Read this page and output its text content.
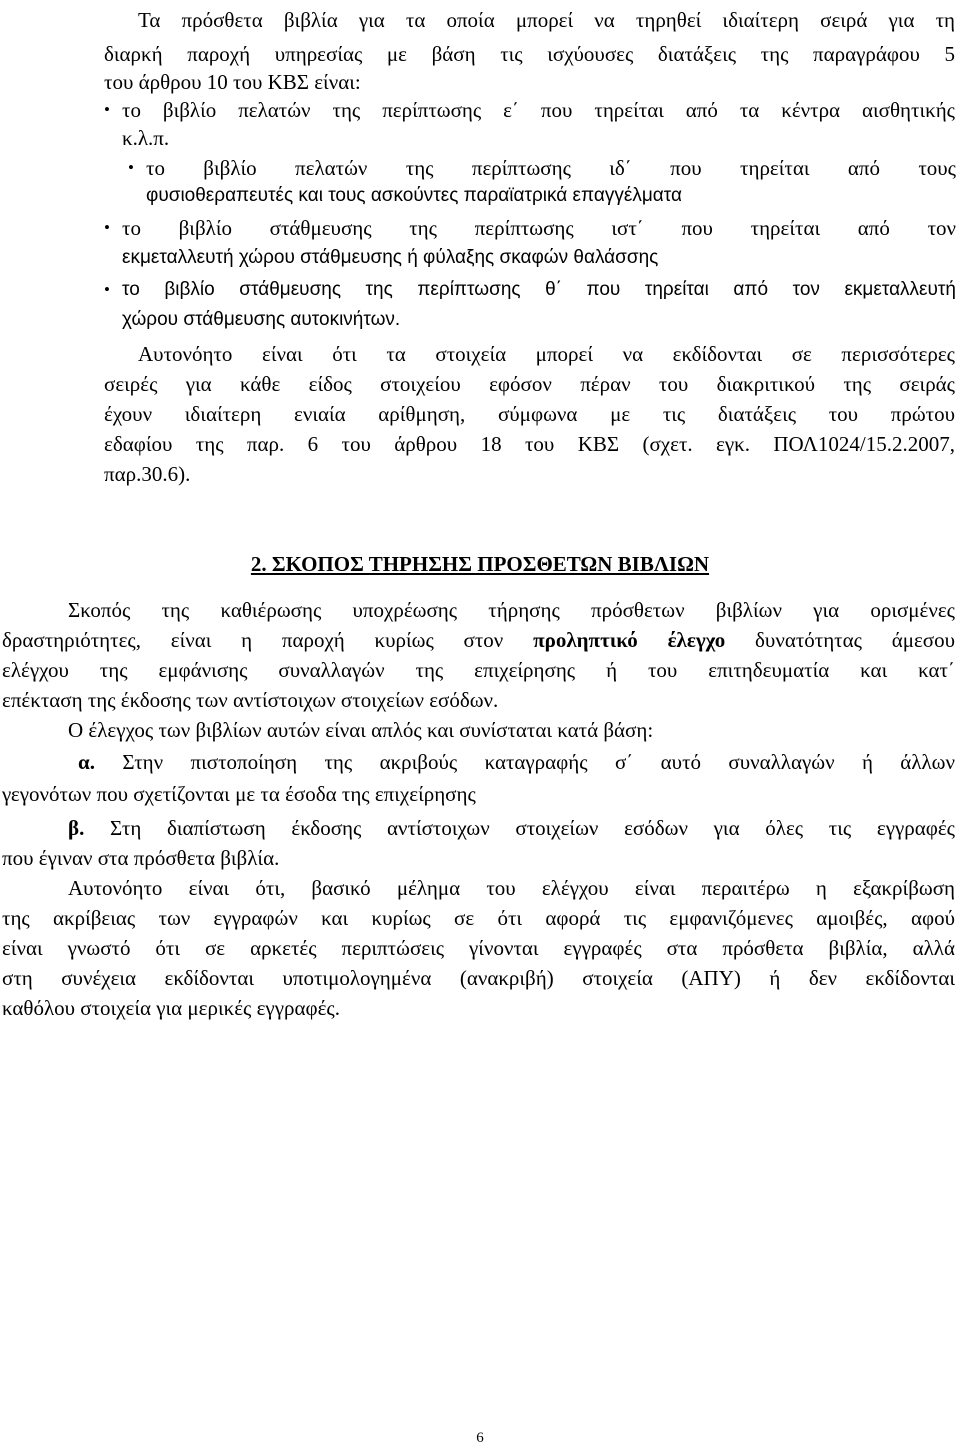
Τα πρόσθετα βιβλία για τα οποία μπορεί να τηρηθεί ιδιαίτερη σειρά για τη
διαρκή παροχή υπηρεσίας με βάση τις ισχύουσες διατάξεις της παραγράφου 5
του άρθρου 10 του ΚΒΣ είναι:
• το βιβλίο πελατών της περίπτωσης ε΄ που τηρείται από τα κέντρα αισθητικής
κ.λ.π.
• το βιβλίο πελατών της περίπτωσης ιδ΄ που τηρείται από τους
φυσιοθεραπευτές και τους ασκούντες παραϊατρικά επαγγέλματα
• το βιβλίο στάθμευσης της περίπτωσης ιστ΄ που τηρείται από τον
εκμεταλλευτή χώρου στάθμευσης ή φύλαξης σκαφών θαλάσσης
• το βιβλίο στάθμευσης της περίπτωσης θ΄ που τηρείται από τον εκμεταλλευτή
χώρου στάθμευσης αυτοκινήτων.
Αυτονόητο είναι ότι τα στοιχεία μπορεί να εκδίδονται σε περισσότερες
σειρές για κάθε είδος στοιχείου εφόσον πέραν του διακριτικού της σειράς
έχουν ιδιαίτερη ενιαία αρίθμηση, σύμφωνα με τις διατάξεις του πρώτου
εδαφίου της παρ. 6 του άρθρου 18 του ΚΒΣ (σχετ. εγκ. ΠΟΛ1024/15.2.2007,
παρ.30.6).
2. ΣΚΟΠΟΣ ΤΗΡΗΣΗΣ ΠΡΟΣΘΕΤΩΝ ΒΙΒΛΙΩΝ
Σκοπός της καθιέρωσης υποχρέωσης τήρησης πρόσθετων βιβλίων για ορισμένες
δραστηριότητες, είναι η παροχή κυρίως στον προληπτικό έλεγχο δυνατότητας άμεσου
ελέγχου της εμφάνισης συναλλαγών της επιχείρησης ή του επιτηδευματία και κατ΄
επέκταση της έκδοσης των αντίστοιχων στοιχείων εσόδων.
Ο έλεγχος των βιβλίων αυτών είναι απλός και συνίσταται κατά βάση:
α. Στην πιστοποίηση της ακριβούς καταγραφής σ΄ αυτό συναλλαγών ή άλλων
γεγονότων που σχετίζονται με τα έσοδα της επιχείρησης
β. Στη διαπίστωση έκδοσης αντίστοιχων στοιχείων εσόδων για όλες τις εγγραφές
που έγιναν στα πρόσθετα βιβλία.
Αυτονόητο είναι ότι, βασικό μέλημα του ελέγχου είναι περαιτέρω η εξακρίβωση
της ακρίβειας των εγγραφών και κυρίως σε ότι αφορά τις εμφανιζόμενες αμοιβές, αφού
είναι γνωστό ότι σε αρκετές περιπτώσεις γίνονται εγγραφές στα πρόσθετα βιβλία, αλλά
στη συνέχεια εκδίδονται υποτιμολογημένα (ανακριβή) στοιχεία (ΑΠΥ) ή δεν εκδίδονται
καθόλου στοιχεία για μερικές εγγραφές.
6
